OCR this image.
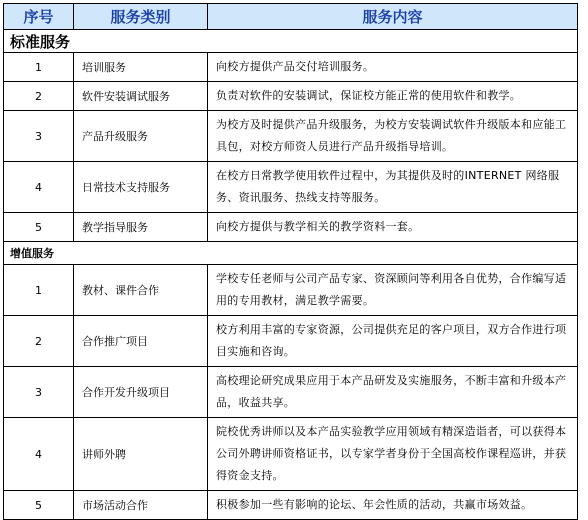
序号	服务类别	服务内容
标准服务		
1	培训服务	向校方提供产品交付培训服务。
2	软件安装调试服务	负责对软件的安装调试，保证校方能正常的使用软件和教学。
3	产品升级服务	为校方及时提供产品升级服务，为校方安装调试软件升级版本和应能工具包，对校方师资人员进行产品升级指导培训。
4	日常技术支持服务	在校方日常教学使用软件过程中，为其提供及时的INTERNET 网络服务、资讯服务、热线支持等服务。
5	教学指导服务	向校方提供与教学相关的教学资料一套。
增值服务		
1	教材、课件合作	学校专任老师与公司产品专家、资深顾问等利用各自优势，合作编写适用的专用教材，满足教学需要。
2	合作推广项目	校方利用丰富的专家资源，公司提供充足的客户项目，双方合作进行项目实施和咨询。
3	合作开发升级项目	高校理论研究成果应用于本产品研发及实施服务，不断丰富和升级本产品，收益共享。
4	讲师外聘	院校优秀讲师以及本产品实验教学应用领域有精深造诣者，可以获得本公司外聘讲师资格证书，以专家学者身份于全国高校作课程巡讲，并获得资金支持。
5	市场活动合作	积极参加一些有影响的论坛、年会性质的活动，共赢市场效益。
